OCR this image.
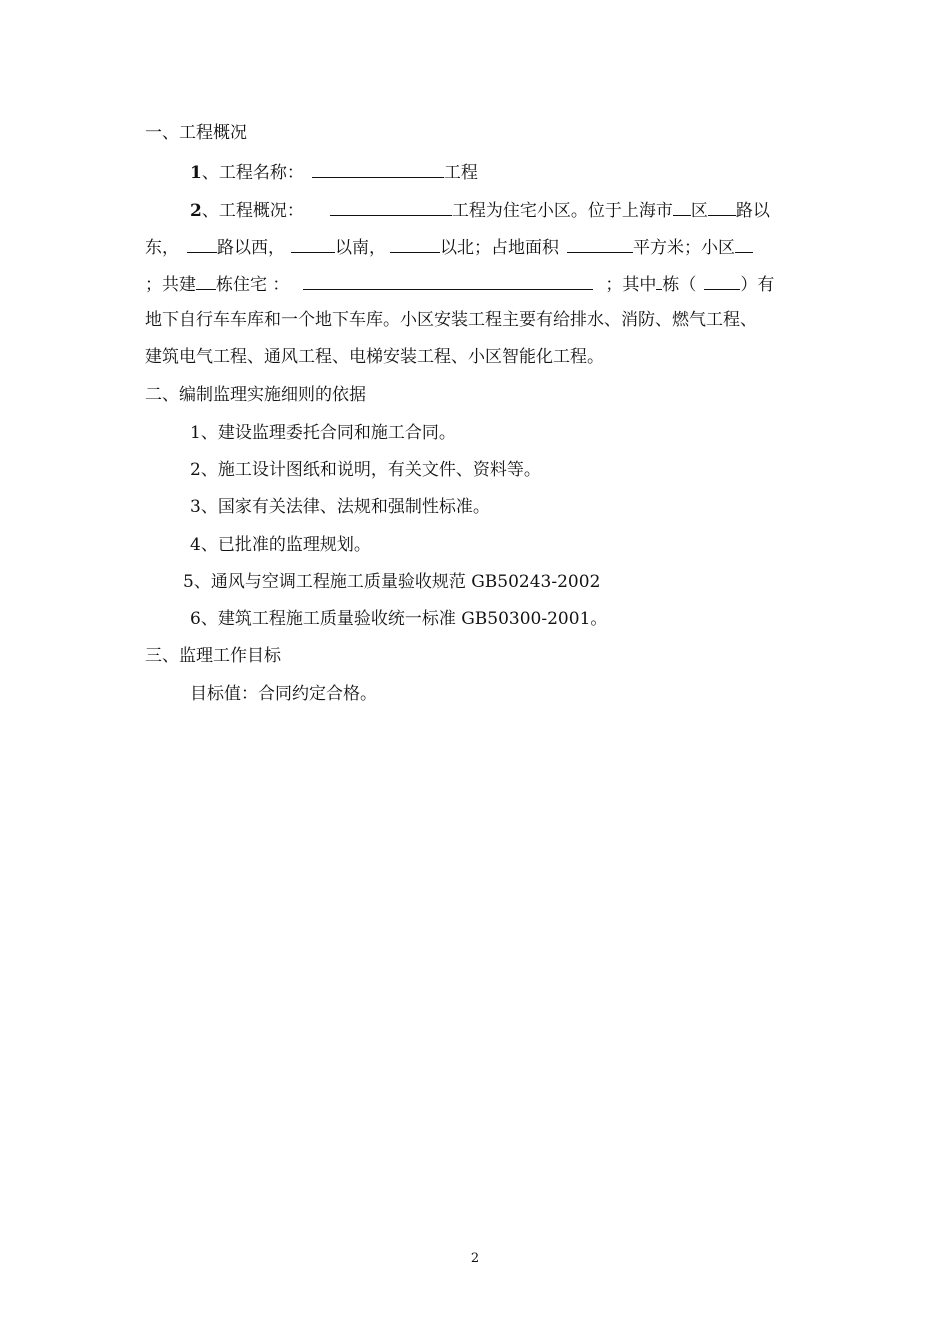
一、工程概况
1、工程名称：	工程
2、工程概况：	工程为住宅小区。位于上海市 区 路以
东， 路以西，	以南，	以北；占地面积	平方米；小区
；共建 栋住宅 ：	；其中 栋（	）有
地下自行车车库和一个地下车库。小区安装工程主要有给排水、消防、燃气工程、
建筑电气工程、通风工程、电梯安装工程、小区智能化工程。
二、编制监理实施细则的依据
1、建设监理委托合同和施工合同。
2、施工设计图纸和说明，有关文件、资料等。
3、国家有关法律、法规和强制性标准。
4、已批准的监理规划。
5、通风与空调工程施工质量验收规范 GB50243-2002
6、建筑工程施工质量验收统一标准 GB50300-2001。
三、监理工作目标
目标值：合同约定合格。
2
